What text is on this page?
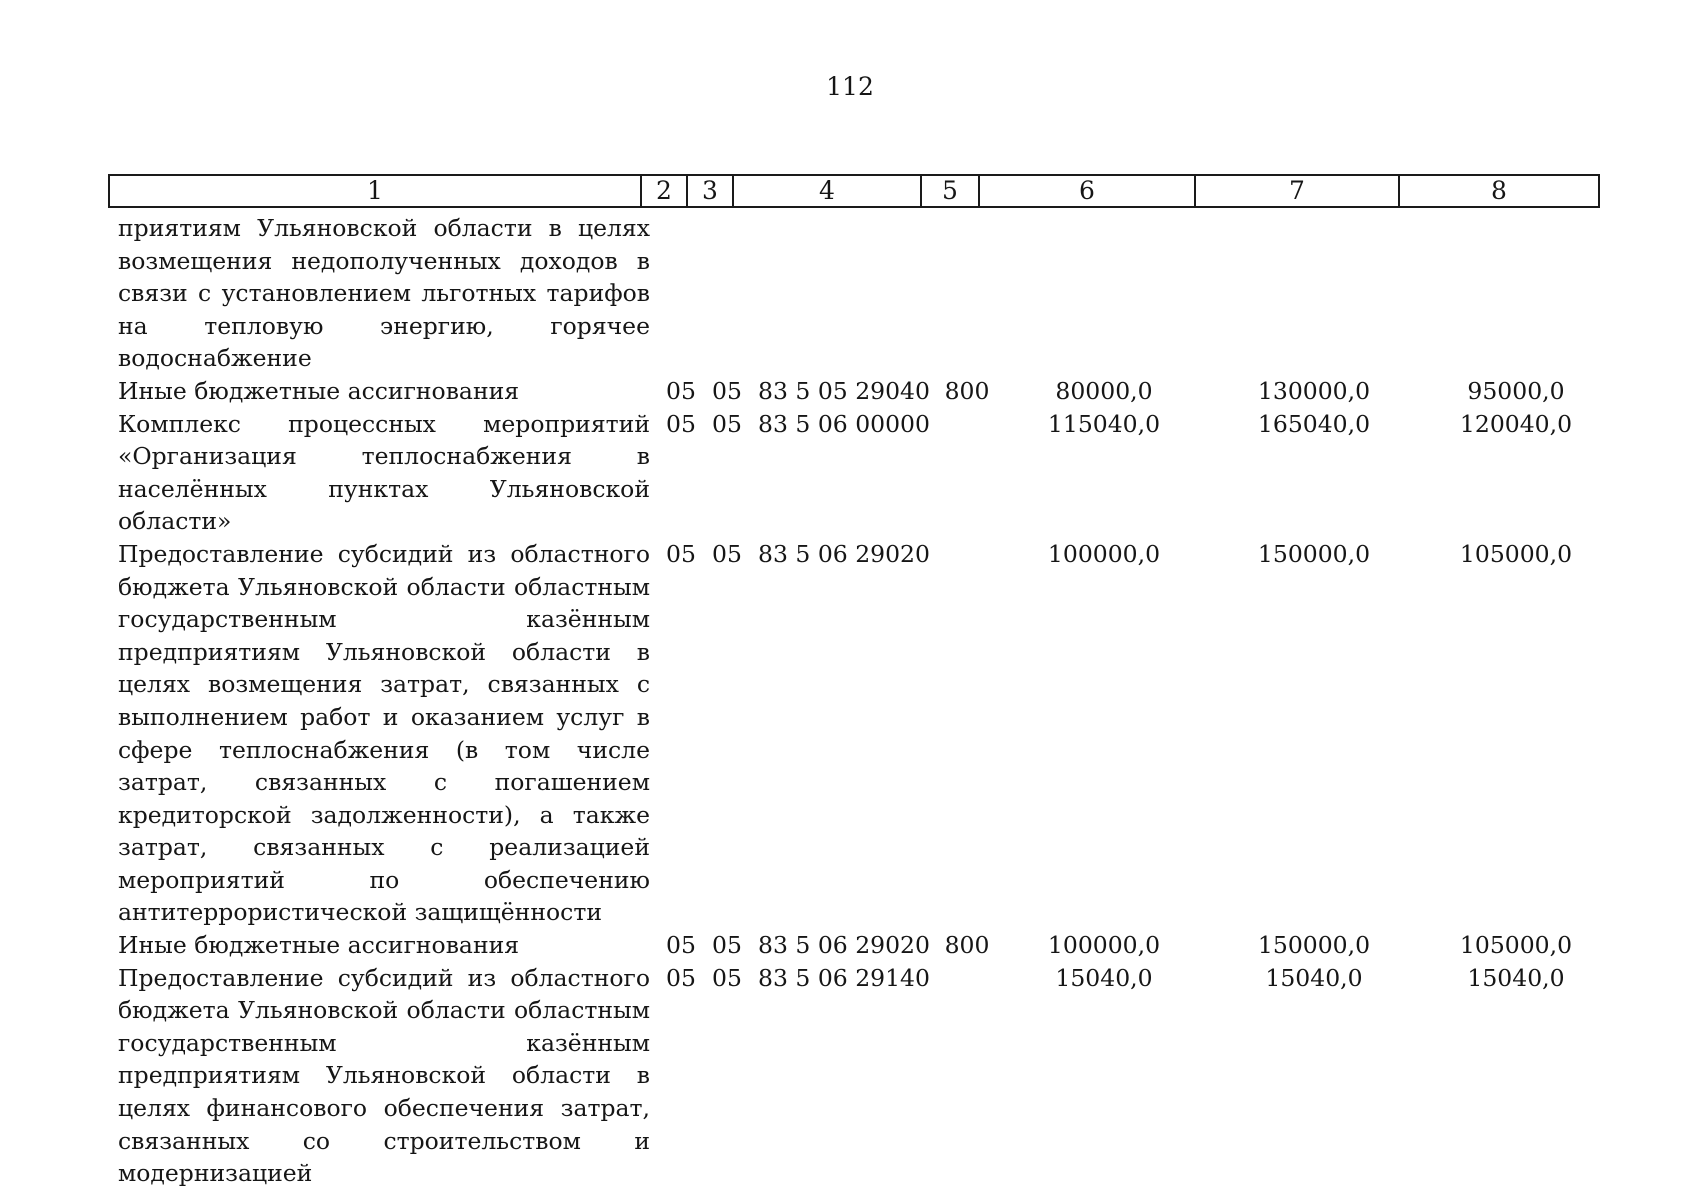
112
1	2	3	4	5	6	7	8
приятиям Ульяновской области в целях возмещения недополученных доходов в связи с установлением льготных тарифов на тепловую энергию, горячее водоснабжение							
Иные бюджетные ассигнования	05	05	83 5 05 29040	800	80000,0	130000,0	95000,0
Комплекс процессных мероприятий «Организация теплоснабжения в населённых пунктах Ульяновской области»	05	05	83 5 06 00000		115040,0	165040,0	120040,0
Предоставление субсидий из областного бюджета Ульяновской области областным государственным казённым предприятиям Ульяновской области в целях возмещения затрат, связанных с выполнением работ и оказанием услуг в сфере теплоснабжения (в том числе затрат, связанных с погашением кредиторской задолженности), а также затрат, связанных с реализацией мероприятий по обеспечению антитеррористической защищённости	05	05	83 5 06 29020		100000,0	150000,0	105000,0
Иные бюджетные ассигнования	05	05	83 5 06 29020	800	100000,0	150000,0	105000,0
Предоставление субсидий из областного бюджета Ульяновской области областным государственным казённым предприятиям Ульяновской области в целях финансового обеспечения затрат, связанных со строительством и модернизацией	05	05	83 5 06 29140		15040,0	15040,0	15040,0
